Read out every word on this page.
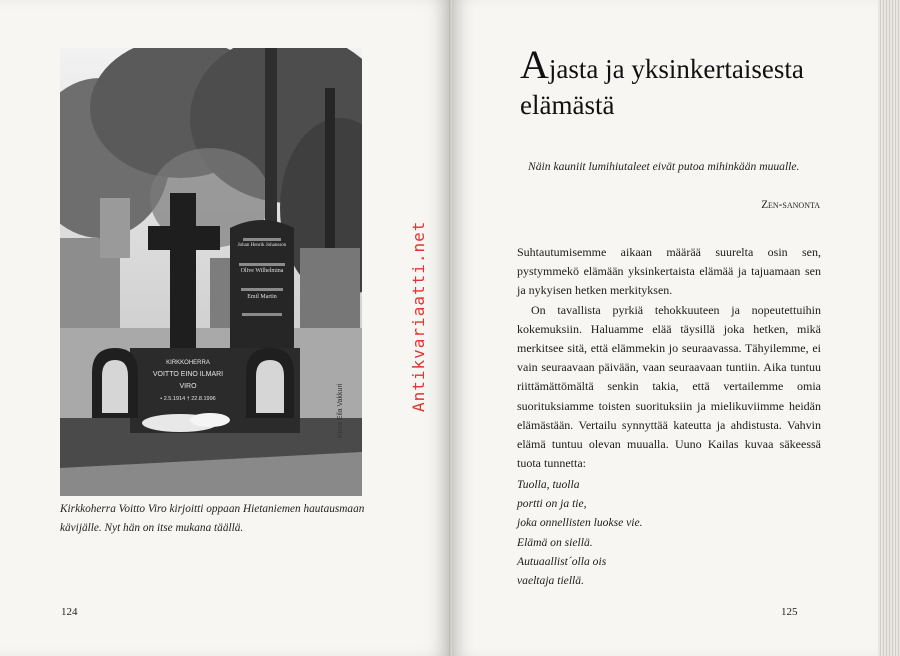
KIRKKOHERRA
VOITTO EINO ILMARI
VIRO
• 2.5.1914 † 22.8.1996
Johan Henrik Johansson
Olive Wilhelmina
Emil Martin
Kuva Eila Vakkuri
Kirkkoherra Voitto Viro kirjoitti oppaan Hietaniemen hautausmaan kävijälle. Nyt hän on itse mukana täällä.
124
Antikvariaatti.net
Ajasta ja yksinkertaisesta
elämästä
Näin kauniit lumihiutaleet eivät putoa mihinkään muualle.
Zen-sanonta

Suhtautumisemme aikaan määrää suurelta osin sen, pystymmekö elämään yksinkertaista elämää ja tajuamaan sen ja nykyisen hetken merkityksen.

On tavallista pyrkiä tehokkuuteen ja nopeutettuihin kokemuksiin. Haluamme elää täysillä joka hetken, mikä merkitsee sitä, että elämmekin jo seuraavassa. Tähyilemme, ei vain seuraavaan päivään, vaan seuraavaan tuntiin. Aika tuntuu riittämättömältä senkin takia, että vertailemme omia suorituksiamme toisten suorituksiin ja mielikuviimme heidän elämästään. Vertailu synnyttää kateutta ja ahdistusta. Vahvin elämä tuntuu olevan muualla. Uuno Kailas kuvaa säkeessä tuota tunnetta:

Tuolla, tuolla
portti on ja tie,
joka onnellisten luokse vie.
Elämä on siellä.
Autuaallist´olla ois
vaeltaja tiellä.
125
